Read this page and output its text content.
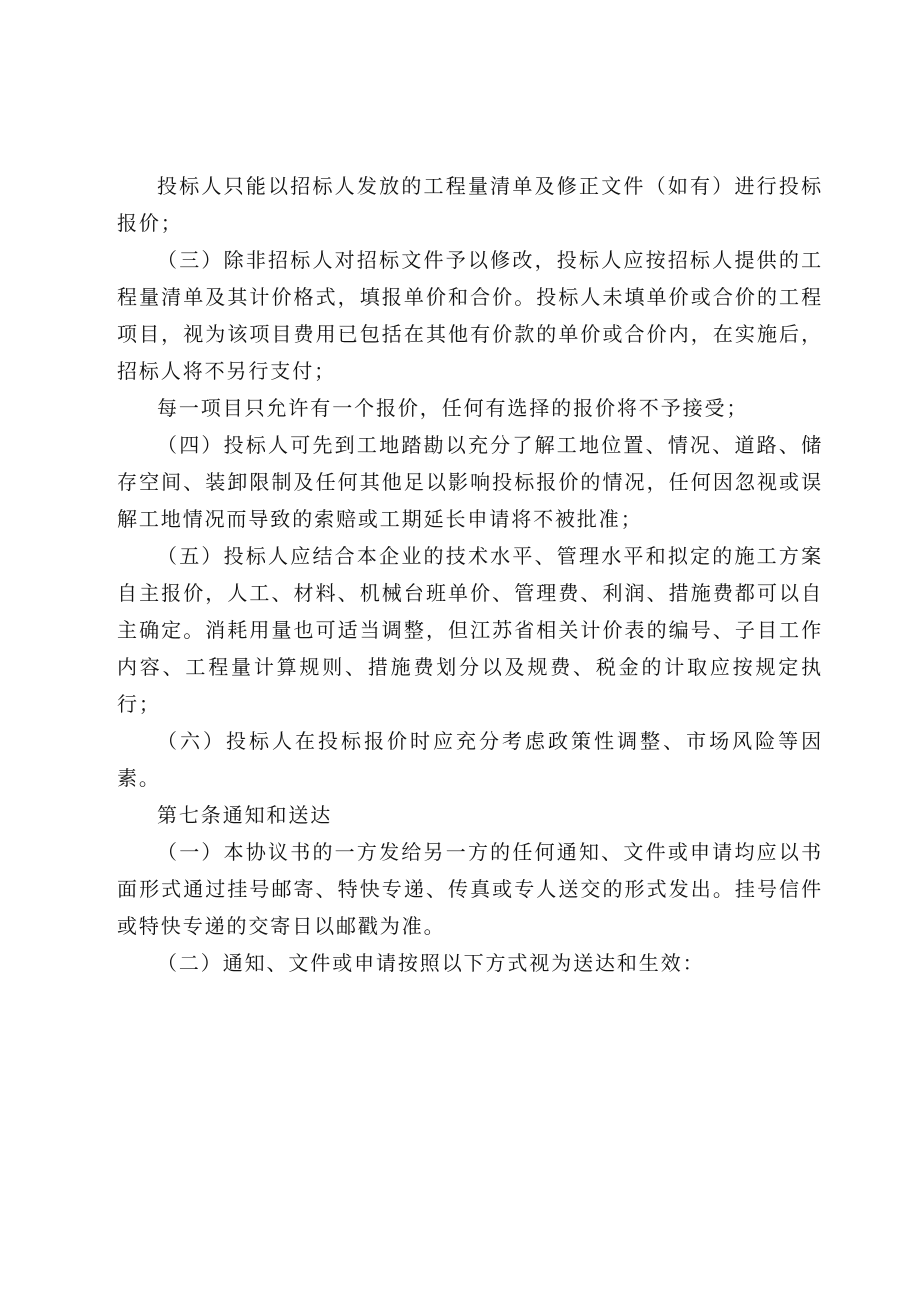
投标人只能以招标人发放的工程量清单及修正文件（如有）进行投标报价；

（三）除非招标人对招标文件予以修改，投标人应按招标人提供的工程量清单及其计价格式，填报单价和合价。投标人未填单价或合价的工程项目，视为该项目费用已包括在其他有价款的单价或合价内，在实施后，招标人将不另行支付；

每一项目只允许有一个报价，任何有选择的报价将不予接受；

（四）投标人可先到工地踏勘以充分了解工地位置、情况、道路、储存空间、装卸限制及任何其他足以影响投标报价的情况，任何因忽视或误解工地情况而导致的索赔或工期延长申请将不被批准；

（五）投标人应结合本企业的技术水平、管理水平和拟定的施工方案自主报价，人工、材料、机械台班单价、管理费、利润、措施费都可以自主确定。消耗用量也可适当调整，但江苏省相关计价表的编号、子目工作内容、工程量计算规则、措施费划分以及规费、税金的计取应按规定执行；

（六）投标人在投标报价时应充分考虑政策性调整、市场风险等因素。

第七条通知和送达

（一）本协议书的一方发给另一方的任何通知、文件或申请均应以书面形式通过挂号邮寄、特快专递、传真或专人送交的形式发出。挂号信件或特快专递的交寄日以邮戳为准。

（二）通知、文件或申请按照以下方式视为送达和生效：
